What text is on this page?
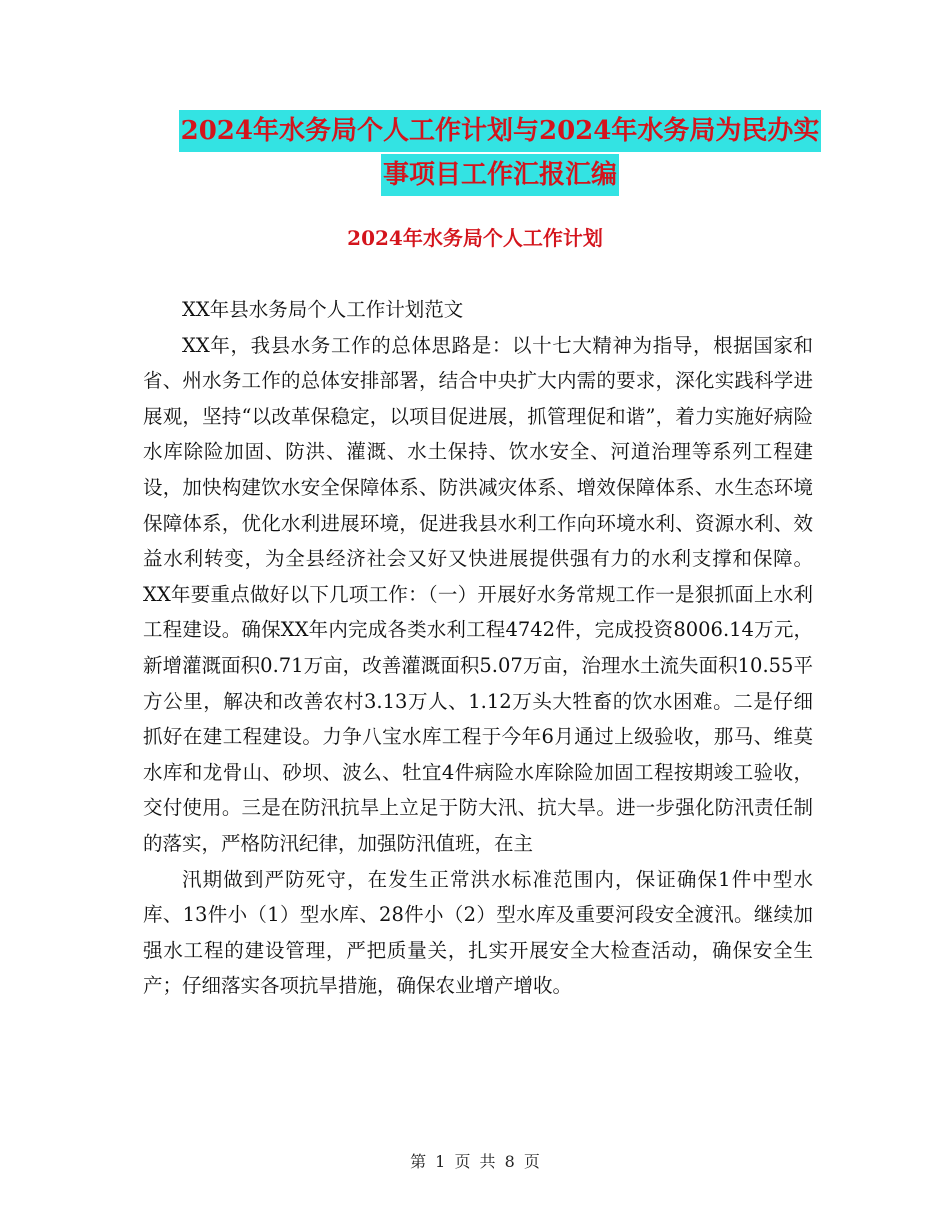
2024年水务局个人工作计划与2024年水务局为民办实
事项目工作汇报汇编
2024年水务局个人工作计划

XX年县水务局个人工作计划范文

XX年，我县水务工作的总体思路是：以十七大精神为指导，根据国家和省、州水务工作的总体安排部署，结合中央扩大内需的要求，深化实践科学进展观，坚持“以改革保稳定，以项目促进展，抓管理促和谐”，着力实施好病险水库除险加固、防洪、灌溉、水土保持、饮水安全、河道治理等系列工程建设，加快构建饮水安全保障体系、防洪减灾体系、增效保障体系、水生态环境保障体系，优化水利进展环境，促进我县水利工作向环境水利、资源水利、效益水利转变，为全县经济社会又好又快进展提供强有力的水利支撑和保障。XX年要重点做好以下几项工作：（一）开展好水务常规工作一是狠抓面上水利工程建设。确保XX年内完成各类水利工程4742件，完成投资8006.14万元，新增灌溉面积0.71万亩，改善灌溉面积5.07万亩，治理水土流失面积10.55平方公里，解决和改善农村3.13万人、1.12万头大牲畜的饮水困难。二是仔细抓好在建工程建设。力争八宝水库工程于今年6月通过上级验收，那马、维莫水库和龙骨山、砂坝、波么、牡宜4件病险水库除险加固工程按期竣工验收，交付使用。三是在防汛抗旱上立足于防大汛、抗大旱。进一步强化防汛责任制的落实，严格防汛纪律，加强防汛值班，在主

汛期做到严防死守，在发生正常洪水标准范围内，保证确保1件中型水库、13件小（1）型水库、28件小（2）型水库及重要河段安全渡汛。继续加强水工程的建设管理，严把质量关，扎实开展安全大检查活动，确保安全生产；仔细落实各项抗旱措施，确保农业增产增收。

第 1 页 共 8 页
